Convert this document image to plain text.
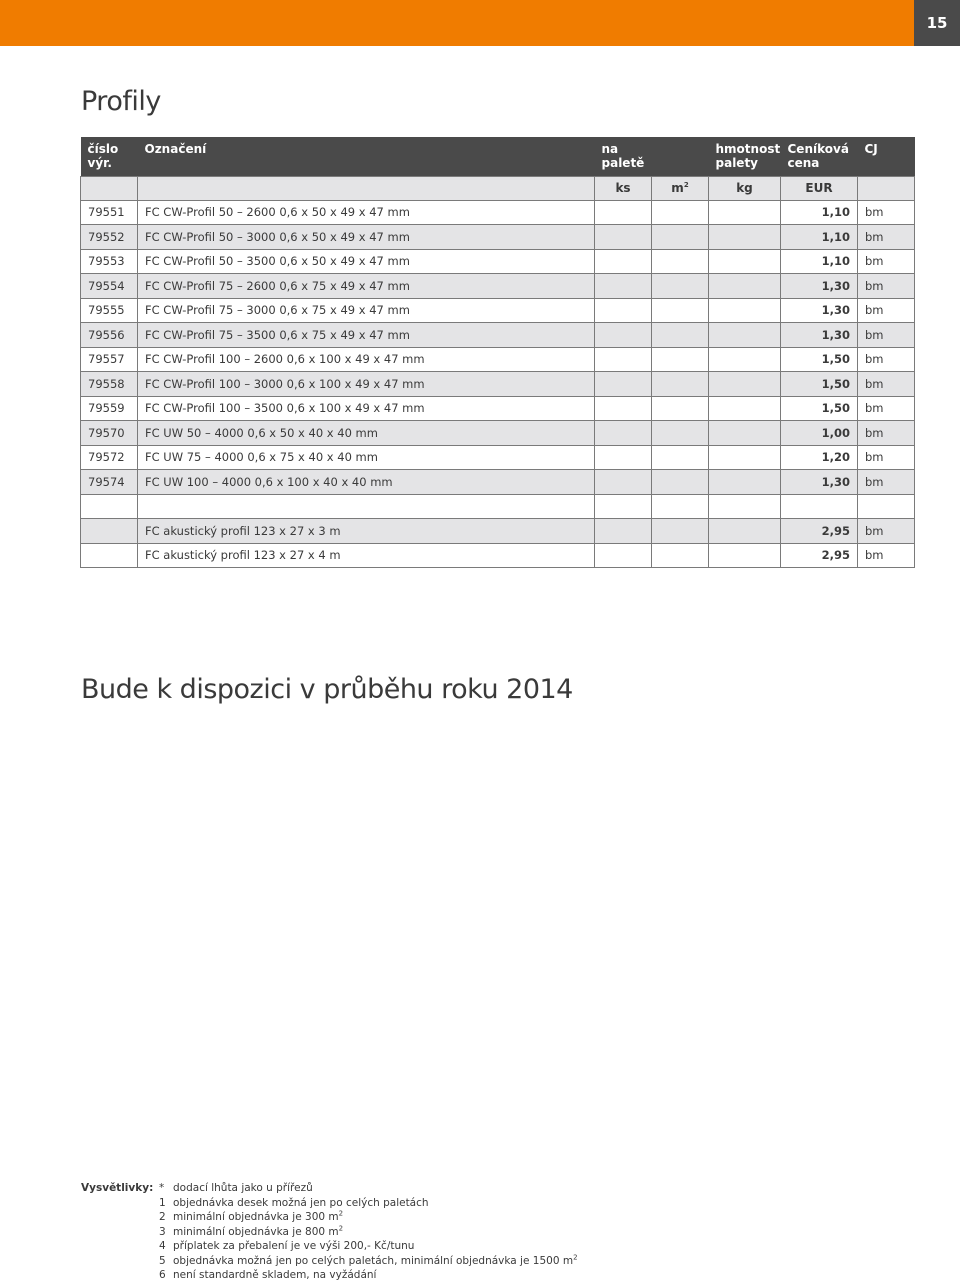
15
Profily
číslo výr.	Označení	na paletě		hmotnost palety	Ceníková cena	CJ
		ks	$m^2$	kg	EUR	
79551	FC CW-Profil 50 – 2600 0,6 x 50 x 49 x 47 mm				1,10	bm
79552	FC CW-Profil 50 – 3000 0,6 x 50 x 49 x 47 mm				1,10	bm
79553	FC CW-Profil 50 – 3500 0,6 x 50 x 49 x 47 mm				1,10	bm
79554	FC CW-Profil 75 – 2600 0,6 x 75 x 49 x 47 mm				1,30	bm
79555	FC CW-Profil 75 – 3000 0,6 x 75 x 49 x 47 mm				1,30	bm
79556	FC CW-Profil 75 – 3500 0,6 x 75 x 49 x 47 mm				1,30	bm
79557	FC CW-Profil 100 – 2600 0,6 x 100 x 49 x 47 mm				1,50	bm
79558	FC CW-Profil 100 – 3000 0,6 x 100 x 49 x 47 mm				1,50	bm
79559	FC CW-Profil 100 – 3500 0,6 x 100 x 49 x 47 mm				1,50	bm
79570	FC UW 50 – 4000 0,6 x 50 x 40 x 40 mm				1,00	bm
79572	FC UW 75 – 4000 0,6 x 75 x 40 x 40 mm				1,20	bm
79574	FC UW 100 – 4000 0,6 x 100 x 40 x 40 mm				1,30	bm

	FC akustický profil 123 x 27 x 3 m				2,95	bm
	FC akustický profil 123 x 27 x 4 m				2,95	bm
Bude k dispozici v průběhu roku 2014
Vysvětlivky: * dodací lhůta jako u přířezů
1 objednávka desek možná jen po celých paletách
2 minimální objednávka je 300 $m^2$
3 minimální objednávka je 800 $m^2$
4 příplatek za přebalení je ve výši 200,- Kč/tunu
5 objednávka možná jen po celých paletách, minimální objednávka je 1500 $m^2$
6 není standardně skladem, na vyžádání
